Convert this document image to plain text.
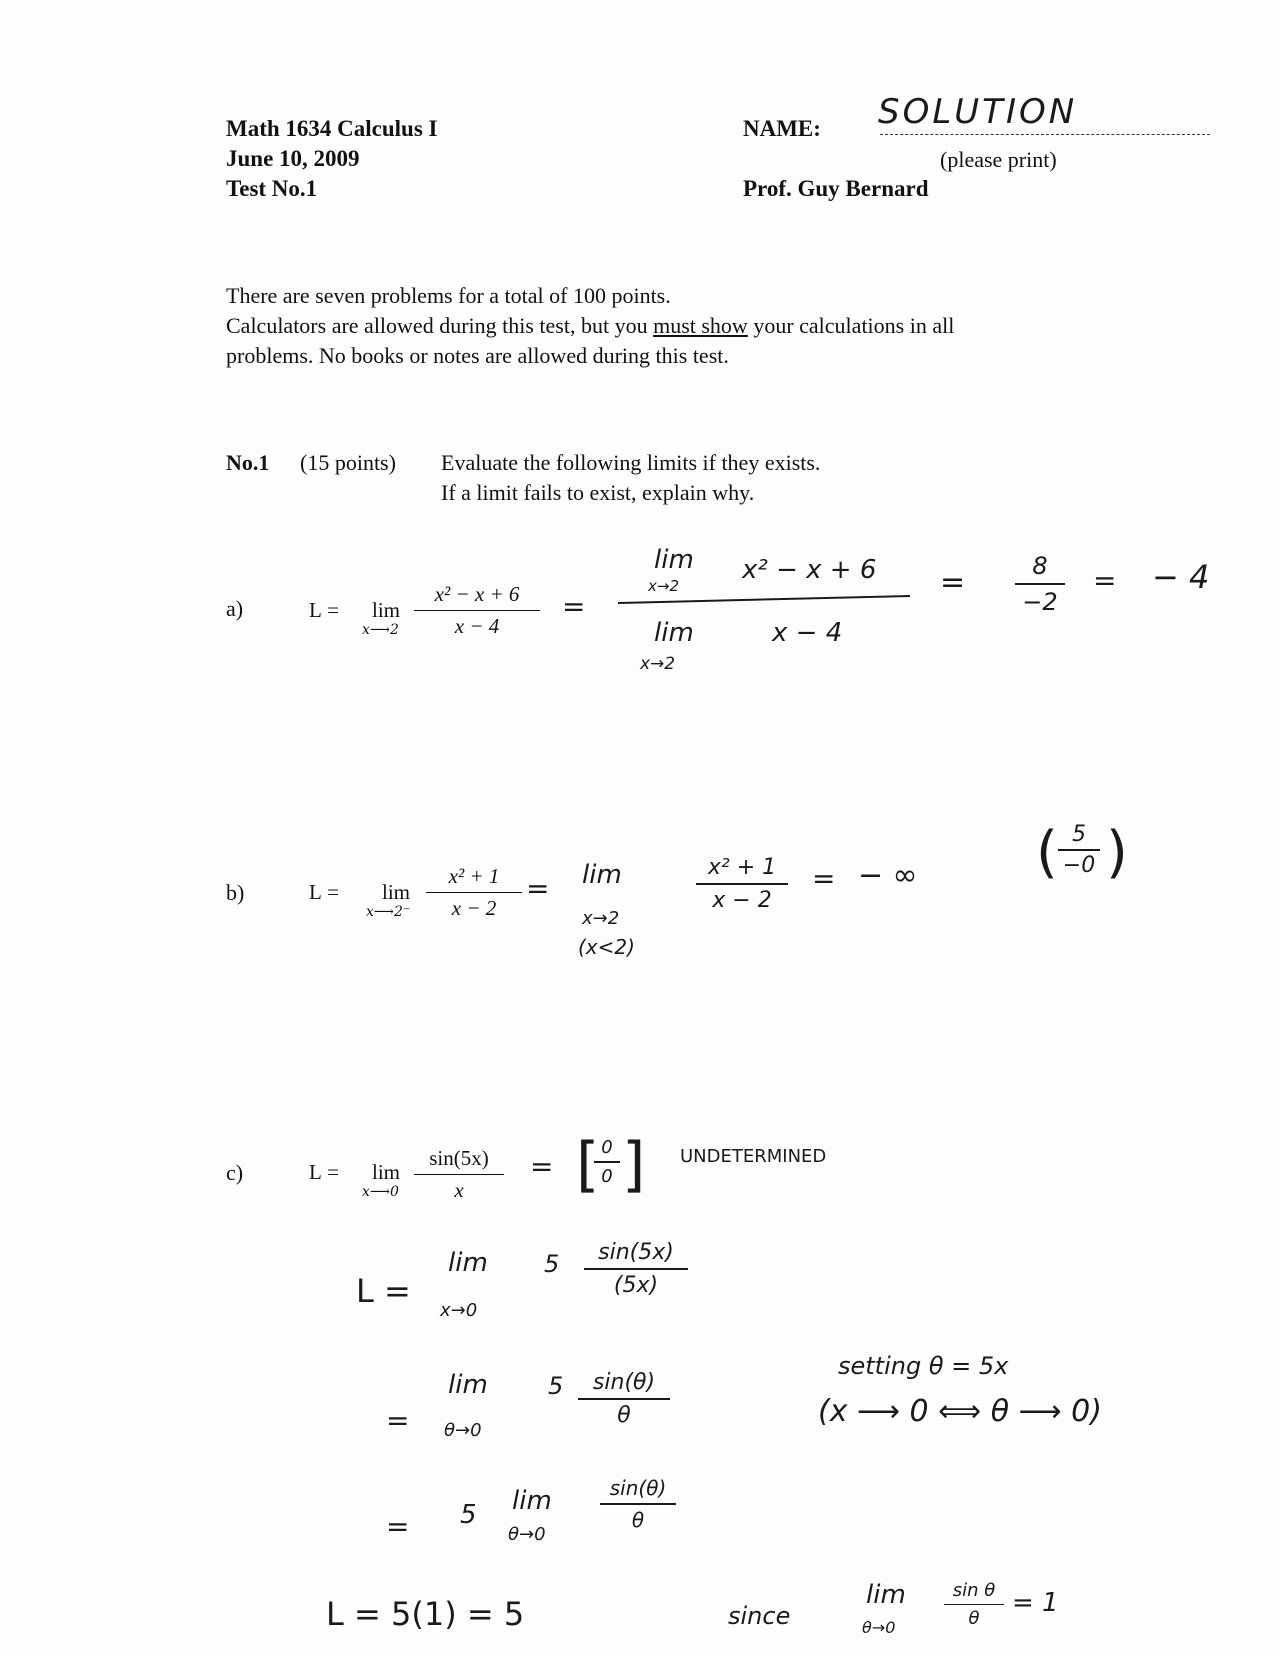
Math 1634 Calculus I
June 10, 2009
Test No.1
NAME: SOLUTION
(please print)
Prof. Guy Bernard
There are seven problems for a total of 100 points.
Calculators are allowed during this test, but you must show your calculations in all
problems. No books or notes are allowed during this test.
No.1 (15 points) Evaluate the following limits if they exists.
If a limit fails to exist, explain why.
a)	L = lim
x⟶2
x² − x + 6
x − 4
=
lim
x→2
x² − x + 6
lim
x→2
x − 4
=	8
−2
= − 4
b)	L = lim
x⟶2⁻
x² + 1
x − 2
= lim
x→2
(x<2)
x² + 1
x − 2
= − ∞
5
−0
( )
c)	L = lim
x⟶0
sin(5x)
x
= [ 0
0 ] UNDETERMINED
L =
lim
x→0
5	sin(5x)
(5x)
=
lim
θ→0
5	sin(θ)
θ
= 5 lim
θ→0
sin(θ)
θ
L = 5(1) = 5
setting θ = 5x
(x ⟶ 0 ⟺ θ ⟶ 0)
since
lim
θ→0
sin θ
θ
= 1
